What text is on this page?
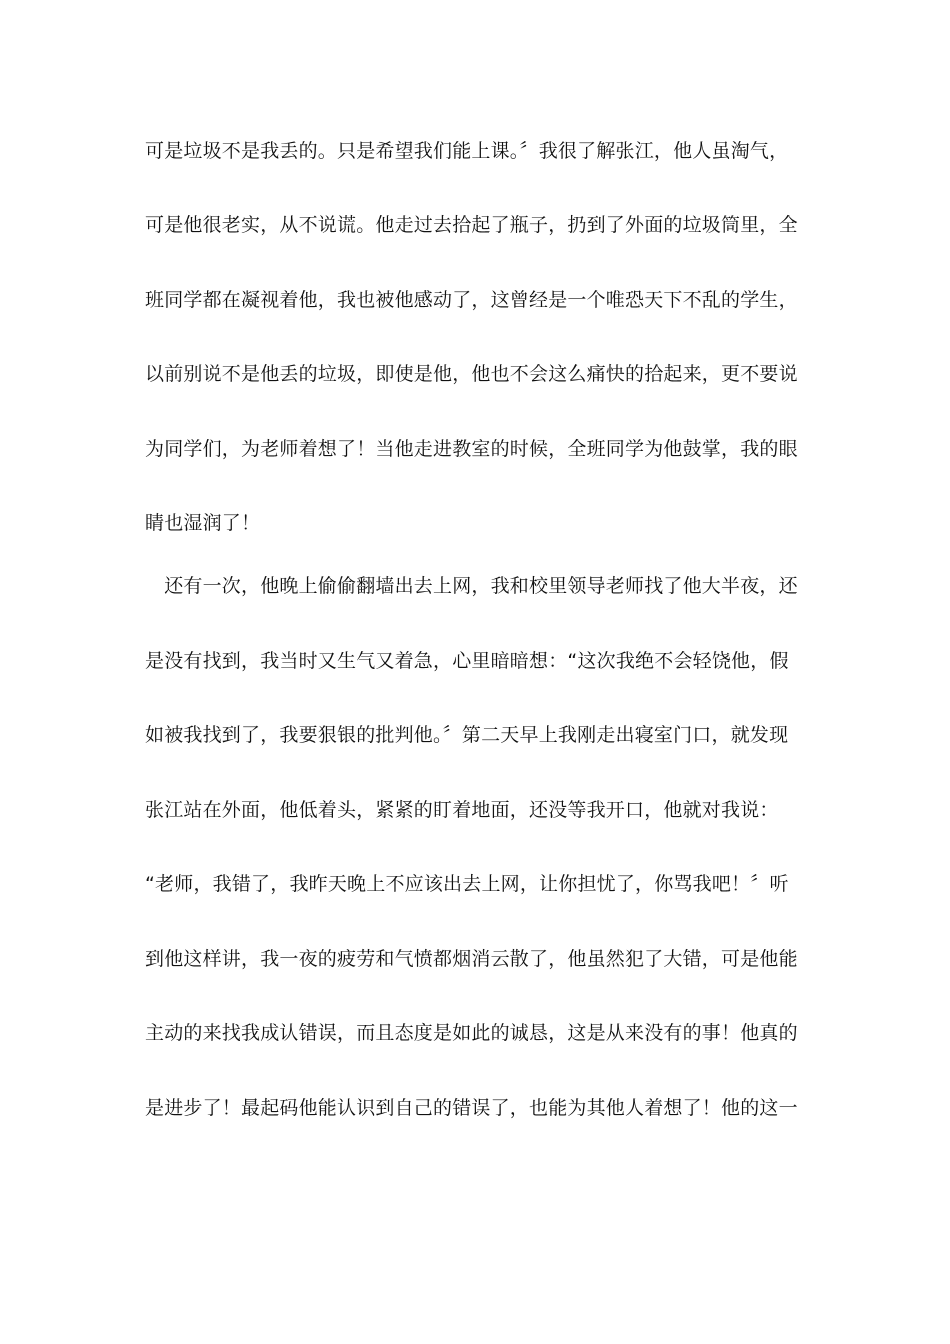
可是垃圾不是我丢的。只是希望我们能上课。〞我很了解张江，他人虽淘气，
可是他很老实，从不说谎。他走过去拾起了瓶子，扔到了外面的垃圾筒里，全
班同学都在凝视着他，我也被他感动了，这曾经是一个唯恐天下不乱的学生，
以前别说不是他丢的垃圾，即使是他，他也不会这么痛快的拾起来，更不要说
为同学们，为老师着想了！当他走进教室的时候，全班同学为他鼓掌，我的眼
睛也湿润了！
　还有一次，他晚上偷偷翻墙出去上网，我和校里领导老师找了他大半夜，还
是没有找到，我当时又生气又着急，心里暗暗想：“这次我绝不会轻饶他，假
如被我找到了，我要狠银的批判他。〞第二天早上我刚走出寝室门口，就发现
张江站在外面，他低着头，紧紧的盯着地面，还没等我开口，他就对我说：
“老师，我错了，我昨天晚上不应该出去上网，让你担忧了，你骂我吧！〞听
到他这样讲，我一夜的疲劳和气愤都烟消云散了，他虽然犯了大错，可是他能
主动的来找我成认错误，而且态度是如此的诚恳，这是从来没有的事！他真的
是进步了！最起码他能认识到自己的错误了，也能为其他人着想了！他的这一
